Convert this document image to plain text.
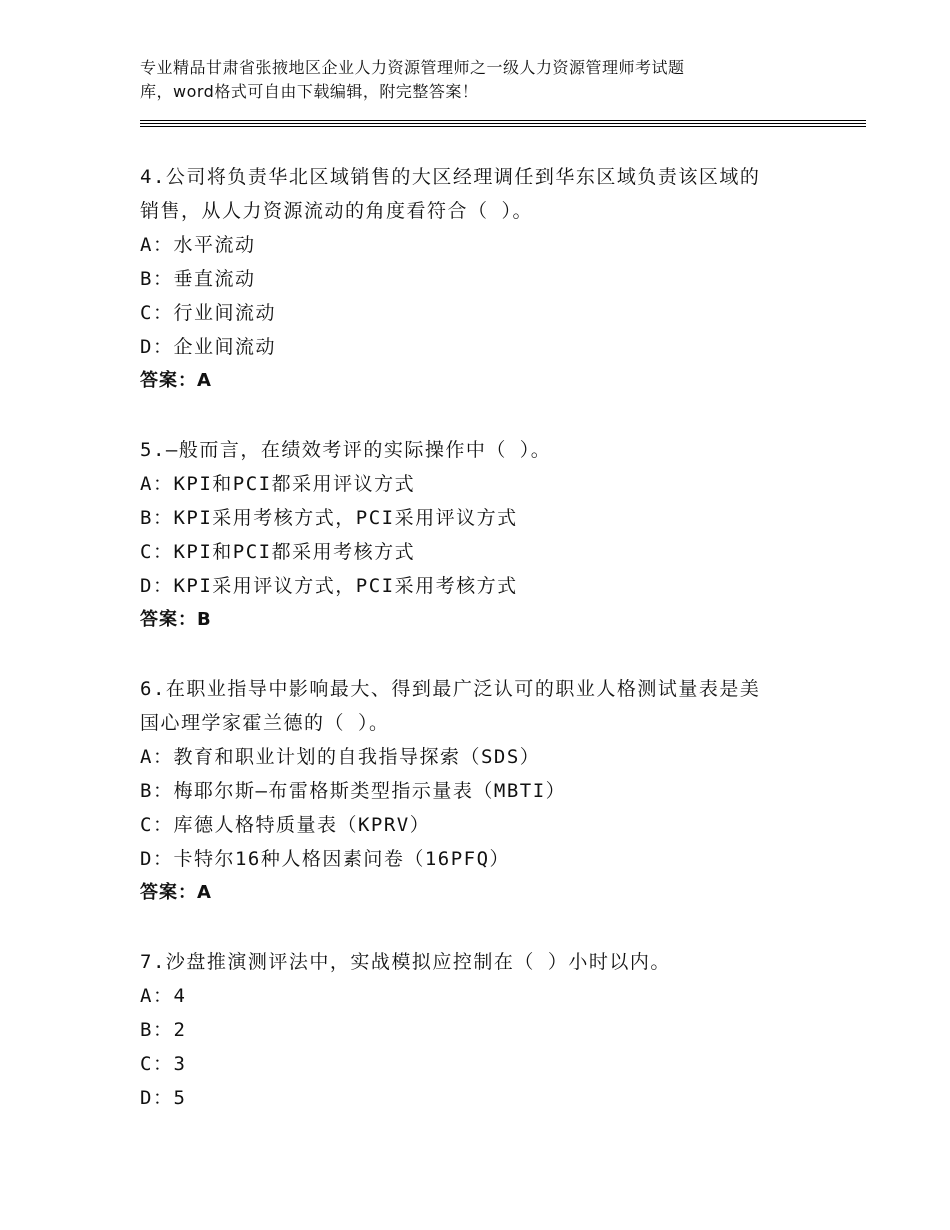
专业精品甘肃省张掖地区企业人力资源管理师之一级人力资源管理师考试题
库，word格式可自由下载编辑，附完整答案！

4.公司将负责华北区域销售的大区经理调任到华东区域负责该区域的

销售，从人力资源流动的角度看符合（ ）。

A：水平流动

B：垂直流动

C：行业间流动

D：企业间流动

答案：A

5.—般而言，在绩效考评的实际操作中（ ）。

A：KPI和PCI都采用评议方式

B：KPI采用考核方式，PCI采用评议方式

C：KPI和PCI都采用考核方式

D：KPI采用评议方式，PCI采用考核方式

答案：B

6.在职业指导中影响最大、得到最广泛认可的职业人格测试量表是美

国心理学家霍兰德的（ ）。

A：教育和职业计划的自我指导探索（SDS）

B：梅耶尔斯—布雷格斯类型指示量表（MBTI）

C：库德人格特质量表（KPRV）

D：卡特尔16种人格因素问卷（16PFQ）

答案：A

7.沙盘推演测评法中，实战模拟应控制在（ ）小时以内。

A：4

B：2

C：3

D：5
